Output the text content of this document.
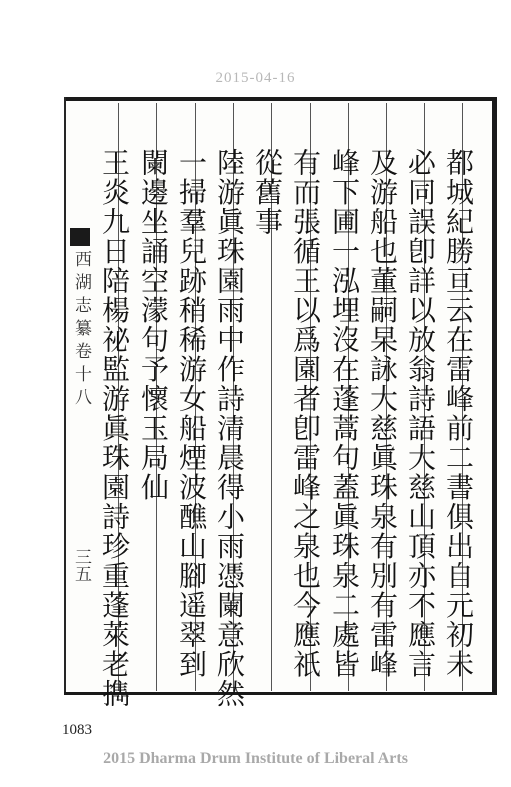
2015-04-16
都城紀勝亘云在雷峰前二書俱出自元初未
必同誤卽詳以放翁詩語大慈山頂亦不應言
及游船也董嗣杲詠大慈眞珠泉有別有雷峰
峰下圃一泓埋沒在蓬蒿句蓋眞珠泉二處皆
有而張循王以爲園者卽雷峰之泉也今應祇
從舊事
陸游眞珠園雨中作詩清晨得小雨憑闌意欣然
一掃羣兒跡稍稀游女船煙波醮山腳遥翠到
闌邊坐誦空濛句予懷玉局仙
王炎九日陪楊祕監游眞珠園詩珍重蓬萊老擕
西湖志纂卷十八
三五
1083
2015 Dharma Drum Institute of Liberal Arts
